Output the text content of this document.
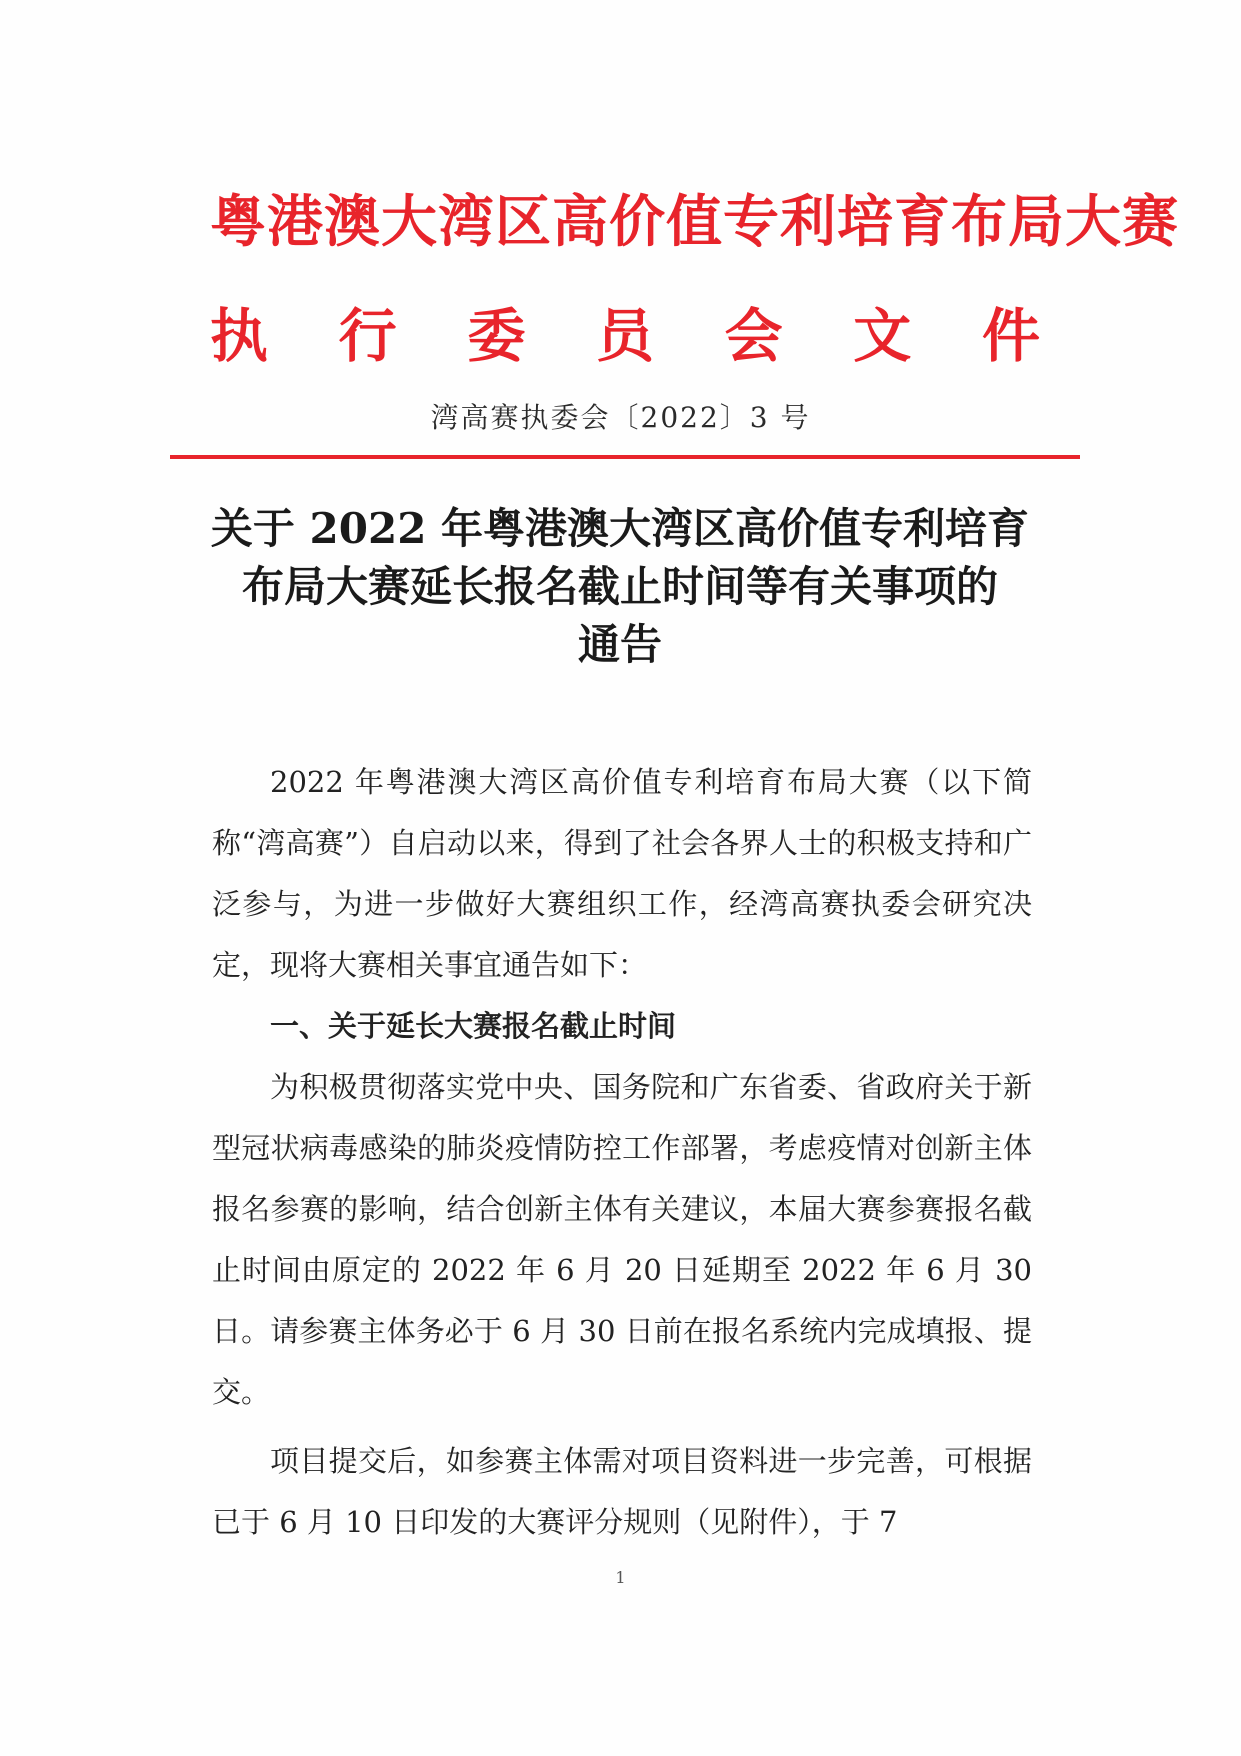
粤港澳大湾区高价值专利培育布局大赛
执 行 委 员 会 文 件
湾高赛执委会〔2022〕3 号
关于 2022 年粤港澳大湾区高价值专利培育
布局大赛延长报名截止时间等有关事项的
通告

2022 年粤港澳大湾区高价值专利培育布局大赛（以下简称“湾高赛”）自启动以来，得到了社会各界人士的积极支持和广泛参与，为进一步做好大赛组织工作，经湾高赛执委会研究决定，现将大赛相关事宜通告如下：

一、关于延长大赛报名截止时间

为积极贯彻落实党中央、国务院和广东省委、省政府关于新型冠状病毒感染的肺炎疫情防控工作部署，考虑疫情对创新主体报名参赛的影响，结合创新主体有关建议，本届大赛参赛报名截止时间由原定的 2022 年 6 月 20 日延期至 2022 年 6 月 30 日。请参赛主体务必于 6 月 30 日前在报名系统内完成填报、提交。

项目提交后，如参赛主体需对项目资料进一步完善，可根据已于 6 月 10 日印发的大赛评分规则（见附件），于 7

1
